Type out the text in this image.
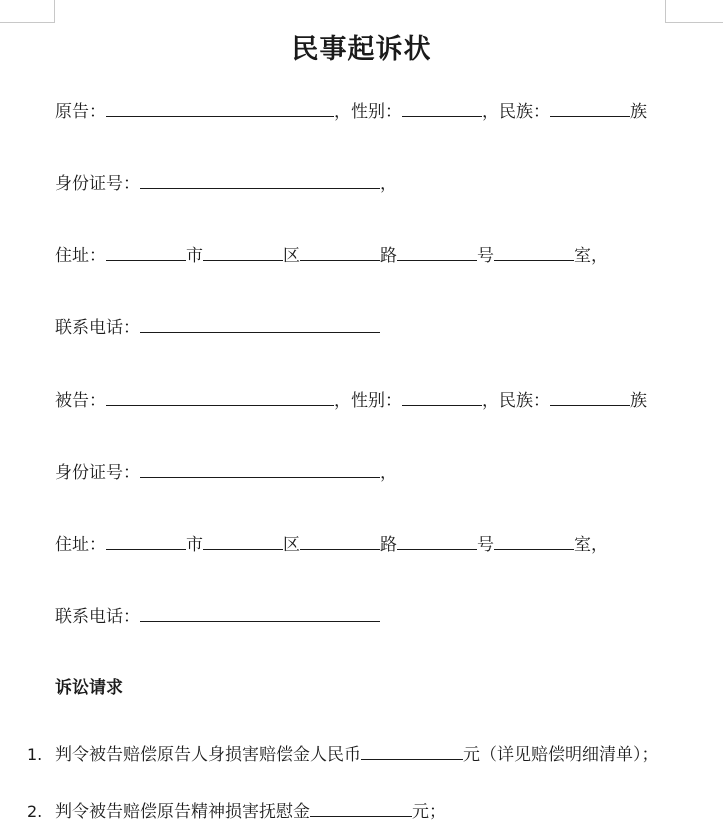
民事起诉状
原告：	，性别：	，民族：	族
身份证号：	，
住址：	市	区	路	号	室，
联系电话：
被告：	，性别：	，民族：	族
身份证号：	，
住址：	市	区	路	号	室，
联系电话：
诉讼请求
1. 判令被告赔偿原告人身损害赔偿金人民币	元（详见赔偿明细清单）；
2. 判令被告赔偿原告精神损害抚慰金	元；
